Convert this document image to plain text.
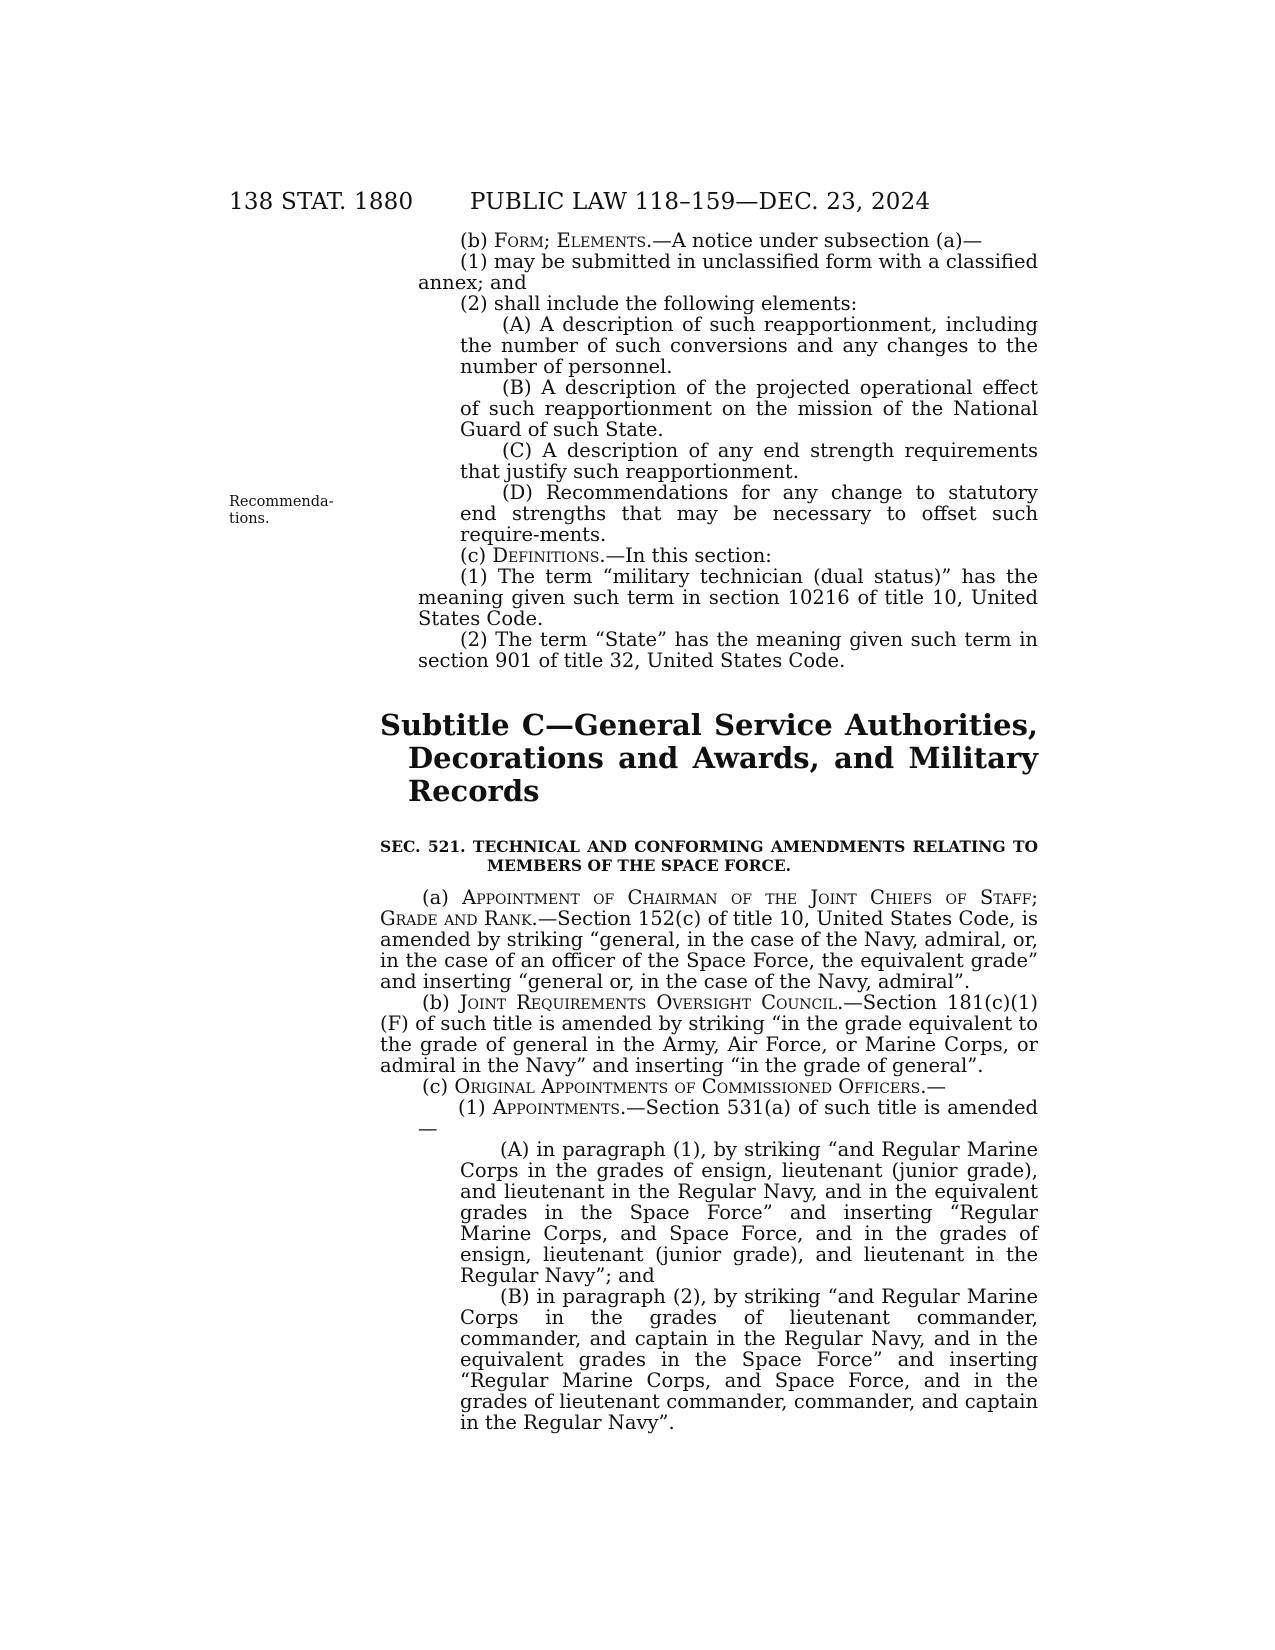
138 STAT. 1880 PUBLIC LAW 118–159—DEC. 23, 2024
Recommenda-tions.

(b) Form; Elements.—A notice under subsection (a)—

(1) may be submitted in unclassified form with a classified annex; and

(2) shall include the following elements:

(A) A description of such reapportionment, including the number of such conversions and any changes to the number of personnel.

(B) A description of the projected operational effect of such reapportionment on the mission of the National Guard of such State.

(C) A description of any end strength requirements that justify such reapportionment.

(D) Recommendations for any change to statutory end strengths that may be necessary to offset such require-ments.

(c) Definitions.—In this section:

(1) The term “military technician (dual status)” has the meaning given such term in section 10216 of title 10, United States Code.

(2) The term “State” has the meaning given such term in section 901 of title 32, United States Code.

Subtitle C—General Service Authorities,
Decorations and Awards, and Military
Records
SEC. 521. TECHNICAL AND CONFORMING AMENDMENTS RELATING TO
MEMBERS OF THE SPACE FORCE.

(a) Appointment of Chairman of the Joint Chiefs of Staff; Grade and Rank.—Section 152(c) of title 10, United States Code, is amended by striking “general, in the case of the Navy, admiral, or, in the case of an officer of the Space Force, the equivalent grade” and inserting “general or, in the case of the Navy, admiral”.

(b) Joint Requirements Oversight Council.—Section 181(c)(1)(F) of such title is amended by striking “in the grade equivalent to the grade of general in the Army, Air Force, or Marine Corps, or admiral in the Navy” and inserting “in the grade of general”.

(c) Original Appointments of Commissioned Officers.—

(1) Appointments.—Section 531(a) of such title is amended—

(A) in paragraph (1), by striking “and Regular Marine Corps in the grades of ensign, lieutenant (junior grade), and lieutenant in the Regular Navy, and in the equivalent grades in the Space Force” and inserting “Regular Marine Corps, and Space Force, and in the grades of ensign, lieutenant (junior grade), and lieutenant in the Regular Navy”; and

(B) in paragraph (2), by striking “and Regular Marine Corps in the grades of lieutenant commander, commander, and captain in the Regular Navy, and in the equivalent grades in the Space Force” and inserting “Regular Marine Corps, and Space Force, and in the grades of lieutenant commander, commander, and captain in the Regular Navy”.
